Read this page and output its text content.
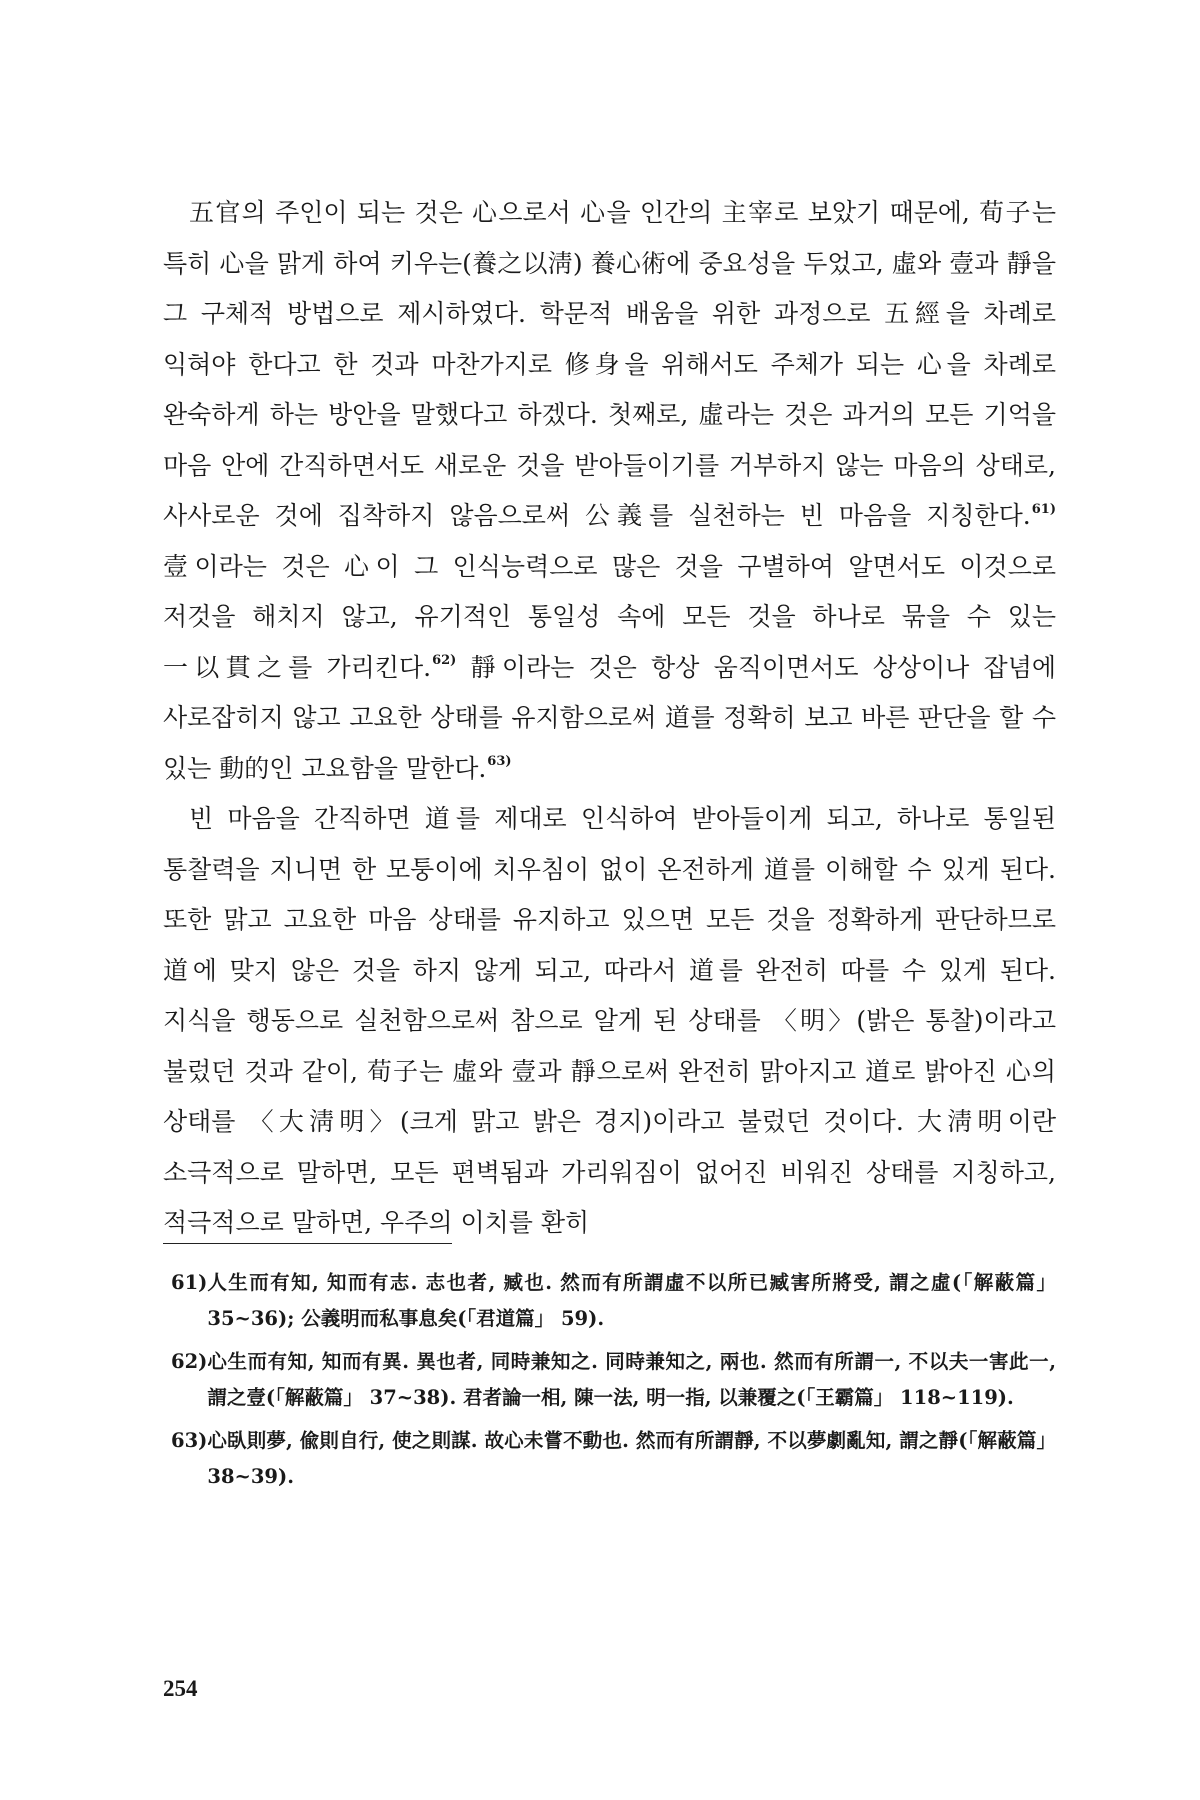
五官의 주인이 되는 것은 心으로서 心을 인간의 主宰로 보았기 때문에, 荀子는 특히 心을 맑게 하여 키우는(養之以淸) 養心術에 중요성을 두었고, 虛와 壹과 靜을 그 구체적 방법으로 제시하였다. 학문적 배움을 위한 과정으로 五經을 차례로 익혀야 한다고 한 것과 마찬가지로 修身을 위해서도 주체가 되는 心을 차례로 완숙하게 하는 방안을 말했다고 하겠다. 첫째로, 虛라는 것은 과거의 모든 기억을 마음 안에 간직하면서도 새로운 것을 받아들이기를 거부하지 않는 마음의 상태로, 사사로운 것에 집착하지 않음으로써 公義를 실천하는 빈 마음을 지칭한다.$^{61)}$ 壹이라는 것은 心이 그 인식능력으로 많은 것을 구별하여 알면서도 이것으로 저것을 해치지 않고, 유기적인 통일성 속에 모든 것을 하나로 묶을 수 있는 一以貫之를 가리킨다.$^{62)}$ 靜이라는 것은 항상 움직이면서도 상상이나 잡념에 사로잡히지 않고 고요한 상태를 유지함으로써 道를 정확히 보고 바른 판단을 할 수 있는 動的인 고요함을 말한다.$^{63)}$

빈 마음을 간직하면 道를 제대로 인식하여 받아들이게 되고, 하나로 통일된 통찰력을 지니면 한 모퉁이에 치우침이 없이 온전하게 道를 이해할 수 있게 된다. 또한 맑고 고요한 마음 상태를 유지하고 있으면 모든 것을 정확하게 판단하므로 道에 맞지 않은 것을 하지 않게 되고, 따라서 道를 완전히 따를 수 있게 된다. 지식을 행동으로 실천함으로써 참으로 알게 된 상태를 〈明〉(밝은 통찰)이라고 불렀던 것과 같이, 荀子는 虛와 壹과 靜으로써 완전히 맑아지고 道로 밝아진 心의 상태를 〈大淸明〉(크게 맑고 밝은 경지)이라고 불렀던 것이다. 大淸明이란 소극적으로 말하면, 모든 편벽됨과 가리워짐이 없어진 비워진 상태를 지칭하고, 적극적으로 말하면, 우주의 이치를 환히

61) 人生而有知, 知而有志. 志也者, 臧也. 然而有所謂虛不以所已臧害所將受, 謂之虛(「解蔽篇」 35~36); 公義明而私事息矣(「君道篇」 59).
62) 心生而有知, 知而有異. 異也者, 同時兼知之. 同時兼知之, 兩也. 然而有所謂一, 不以夫一害此一, 謂之壹(「解蔽篇」 37~38). 君者論一相, 陳一法, 明一指, 以兼覆之(「王霸篇」 118~119).
63) 心臥則夢, 偸則自行, 使之則謀. 故心未嘗不動也. 然而有所謂靜, 不以夢劇亂知, 謂之靜(「解蔽篇」 38~39).
254
